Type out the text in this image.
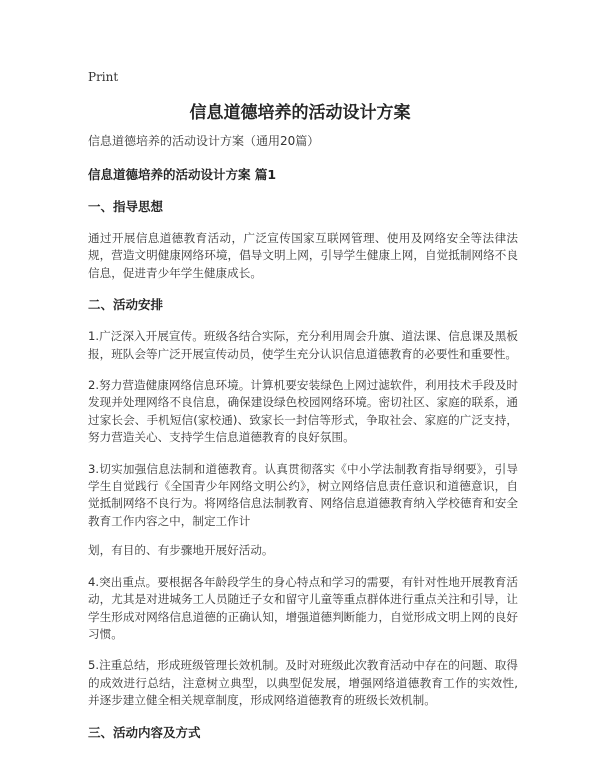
Print
信息道德培养的活动设计方案

信息道德培养的活动设计方案（通用20篇）

信息道德培养的活动设计方案 篇1

一、指导思想

通过开展信息道德教育活动，广泛宣传国家互联网管理、使用及网络安全等法律法规，营造文明健康网络环境，倡导文明上网，引导学生健康上网，自觉抵制网络不良信息，促进青少年学生健康成长。

二、活动安排

1.广泛深入开展宣传。班级各结合实际，充分利用周会升旗、道法课、信息课及黑板报，班队会等广泛开展宣传动员，使学生充分认识信息道德教育的必要性和重要性。

2.努力营造健康网络信息环境。计算机要安装绿色上网过滤软件，利用技术手段及时发现并处理网络不良信息，确保建设绿色校园网络环境。密切社区、家庭的联系，通过家长会、手机短信(家校通)、致家长一封信等形式，争取社会、家庭的广泛支持，努力营造关心、支持学生信息道德教育的良好氛围。

3.切实加强信息法制和道德教育。认真贯彻落实《中小学法制教育指导纲要》，引导学生自觉践行《全国青少年网络文明公约》，树立网络信息责任意识和道德意识，自觉抵制网络不良行为。将网络信息法制教育、网络信息道德教育纳入学校德育和安全教育工作内容之中，制定工作计

划，有目的、有步骤地开展好活动。

4.突出重点。要根据各年龄段学生的身心特点和学习的需要，有针对性地开展教育活动，尤其是对进城务工人员随迁子女和留守儿童等重点群体进行重点关注和引导，让学生形成对网络信息道德的正确认知，增强道德判断能力，自觉形成文明上网的良好习惯。

5.注重总结，形成班级管理长效机制。及时对班级此次教育活动中存在的问题、取得的成效进行总结，注意树立典型，以典型促发展，增强网络道德教育工作的实效性,并逐步建立健全相关规章制度，形成网络道德教育的班级长效机制。

三、活动内容及方式
